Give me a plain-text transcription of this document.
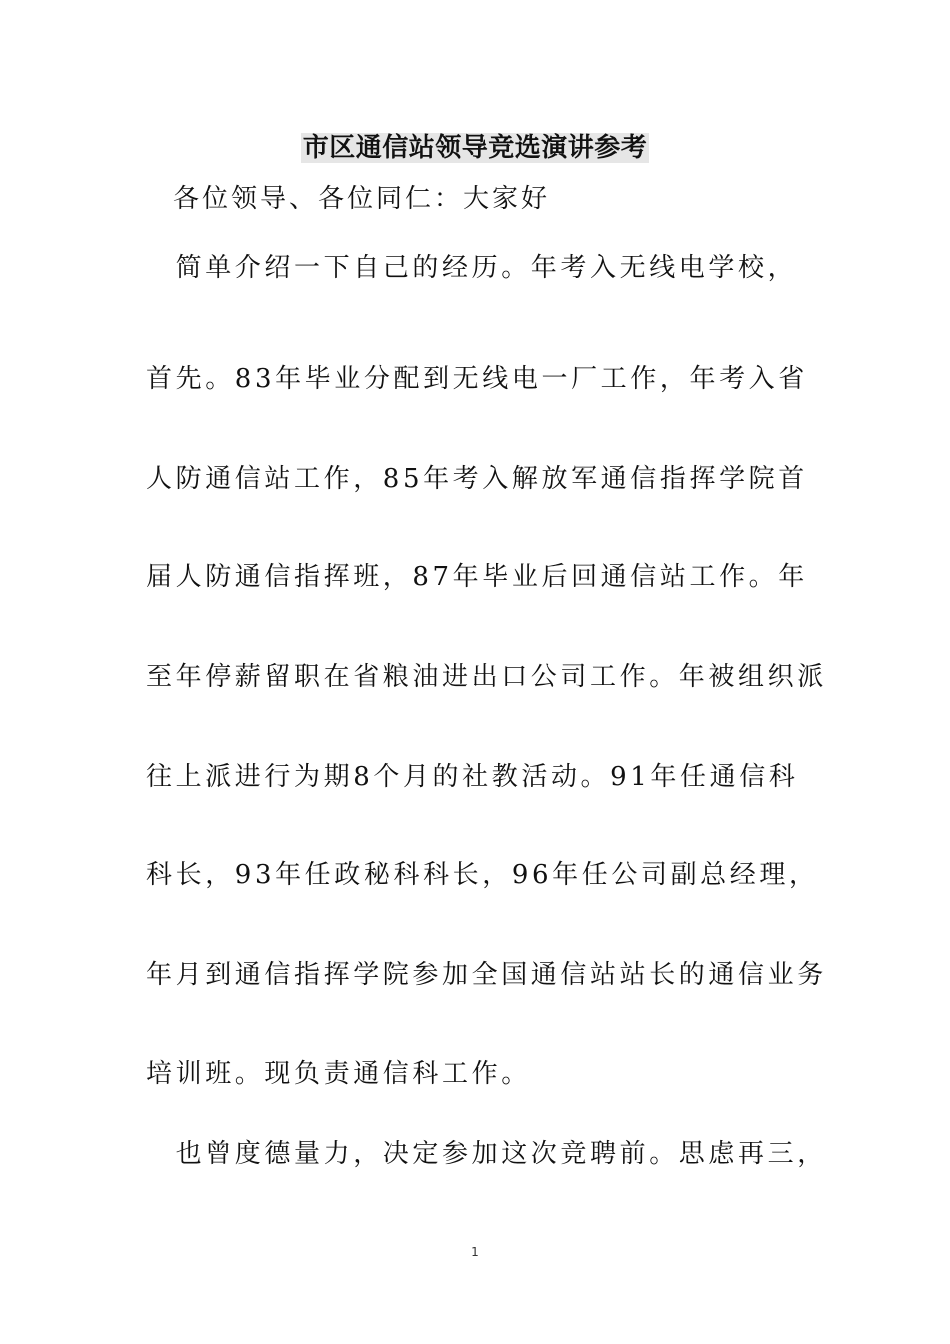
市区通信站领导竞选演讲参考
各位领导、各位同仁：大家好
　简单介绍一下自己的经历。年考入无线电学校，
首先。83年毕业分配到无线电一厂工作，年考入省
人防通信站工作，85年考入解放军通信指挥学院首
届人防通信指挥班，87年毕业后回通信站工作。年
至年停薪留职在省粮油进出口公司工作。年被组织派
往上派进行为期8个月的社教活动。91年任通信科
科长，93年任政秘科科长，96年任公司副总经理，
年月到通信指挥学院参加全国通信站站长的通信业务
培训班。现负责通信科工作。
　也曾度德量力，决定参加这次竞聘前。思虑再三，
1
